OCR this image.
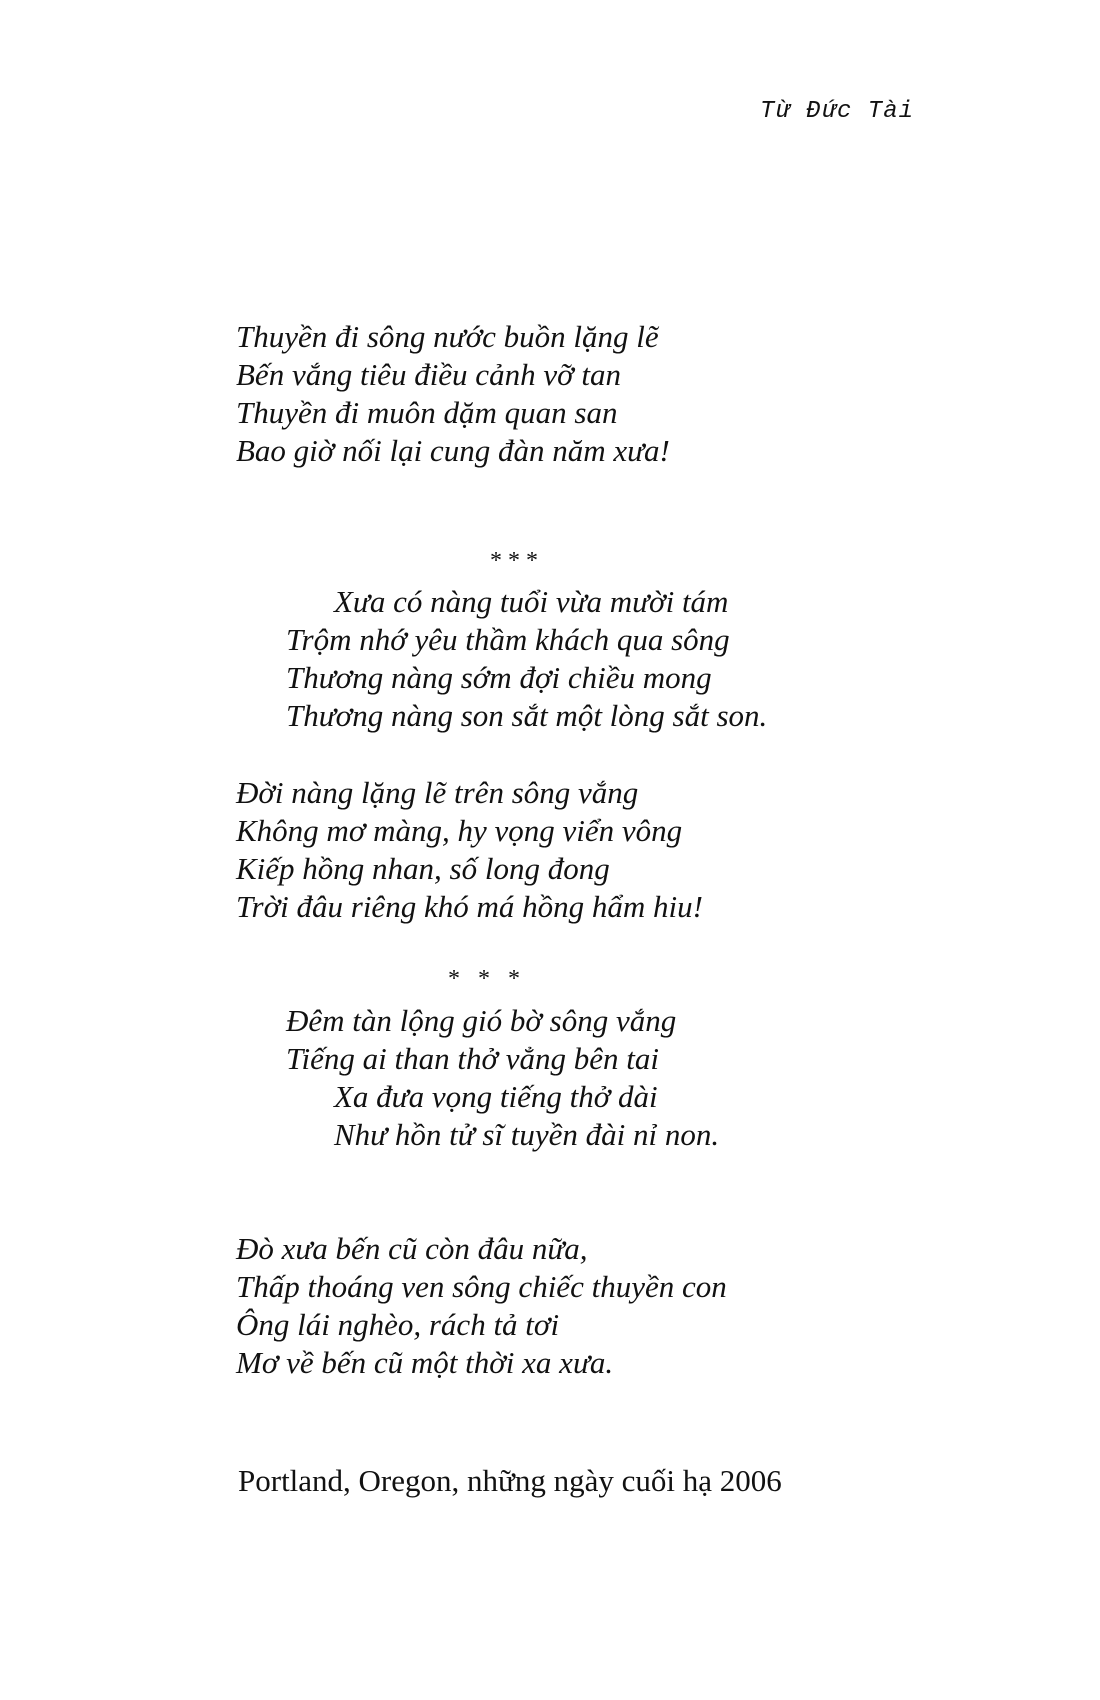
Từ Đức Tài
Thuyền đi sông nước buồn lặng lẽ
Bến vắng tiêu điều cảnh vỡ tan
Thuyền đi muôn dặm quan san
Bao giờ nối lại cung đàn năm xưa!
* * *
Xưa có nàng tuổi vừa mười tám
Trộm nhớ yêu thầm khách qua sông
Thương nàng sớm đợi chiều mong
Thương nàng son sắt một lòng sắt son.
Đời nàng lặng lẽ trên sông vắng
Không mơ màng, hy vọng viển vông
Kiếp hồng nhan, số long đong
Trời đâu riêng khó má hồng hẩm hiu!
*   *   *
Đêm tàn lộng gió bờ sông vắng
Tiếng ai than thở vẳng bên tai
Xa đưa vọng tiếng thở dài
Như hồn tử sĩ tuyền đài nỉ non.
Đò xưa bến cũ còn đâu nữa,
Thấp thoáng ven sông chiếc thuyền con
Ông lái nghèo, rách tả tơi
Mơ về bến cũ một thời xa xưa.
Portland, Oregon, những ngày cuối hạ 2006
